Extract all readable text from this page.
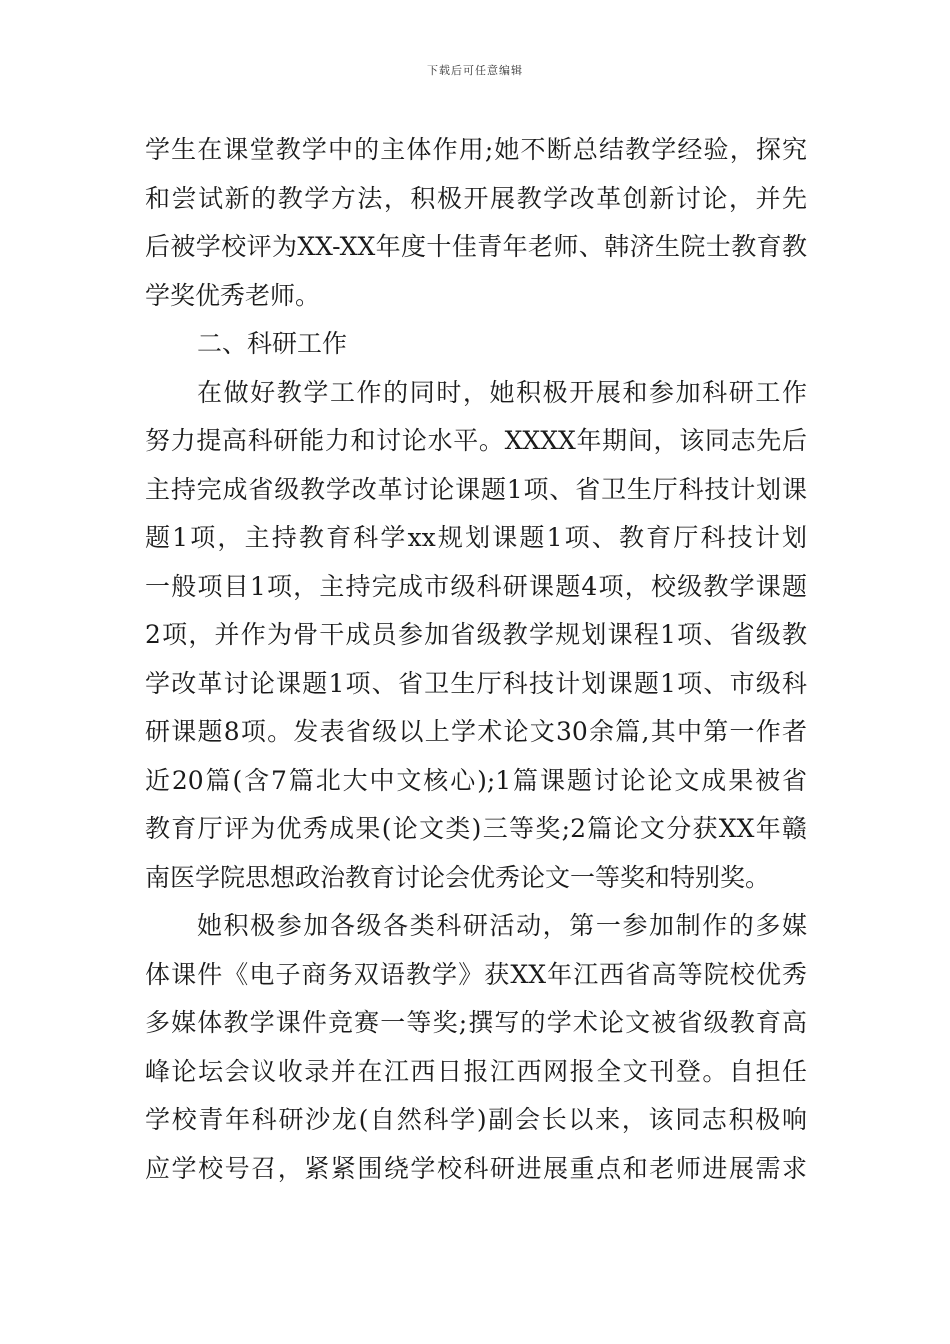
下载后可任意编辑
学生在课堂教学中的主体作用;她不断总结教学经验，探究
和尝试新的教学方法，积极开展教学改革创新讨论，并先
后被学校评为XX-XX年度十佳青年老师、韩济生院士教育教
学奖优秀老师。
二、科研工作
在做好教学工作的同时，她积极开展和参加科研工作
努力提高科研能力和讨论水平。XXXX年期间，该同志先后
主持完成省级教学改革讨论课题1项、省卫生厅科技计划课
题1项，主持教育科学xx规划课题1项、教育厅科技计划
一般项目1项，主持完成市级科研课题4项，校级教学课题
2项，并作为骨干成员参加省级教学规划课程1项、省级教
学改革讨论课题1项、省卫生厅科技计划课题1项、市级科
研课题8项。发表省级以上学术论文30余篇,其中第一作者
近20篇(含7篇北大中文核心);1篇课题讨论论文成果被省
教育厅评为优秀成果(论文类)三等奖;2篇论文分获XX年赣
南医学院思想政治教育讨论会优秀论文一等奖和特别奖。
她积极参加各级各类科研活动，第一参加制作的多媒
体课件《电子商务双语教学》获XX年江西省高等院校优秀
多媒体教学课件竞赛一等奖;撰写的学术论文被省级教育高
峰论坛会议收录并在江西日报江西网报全文刊登。自担任
学校青年科研沙龙(自然科学)副会长以来，该同志积极响
应学校号召，紧紧围绕学校科研进展重点和老师进展需求
